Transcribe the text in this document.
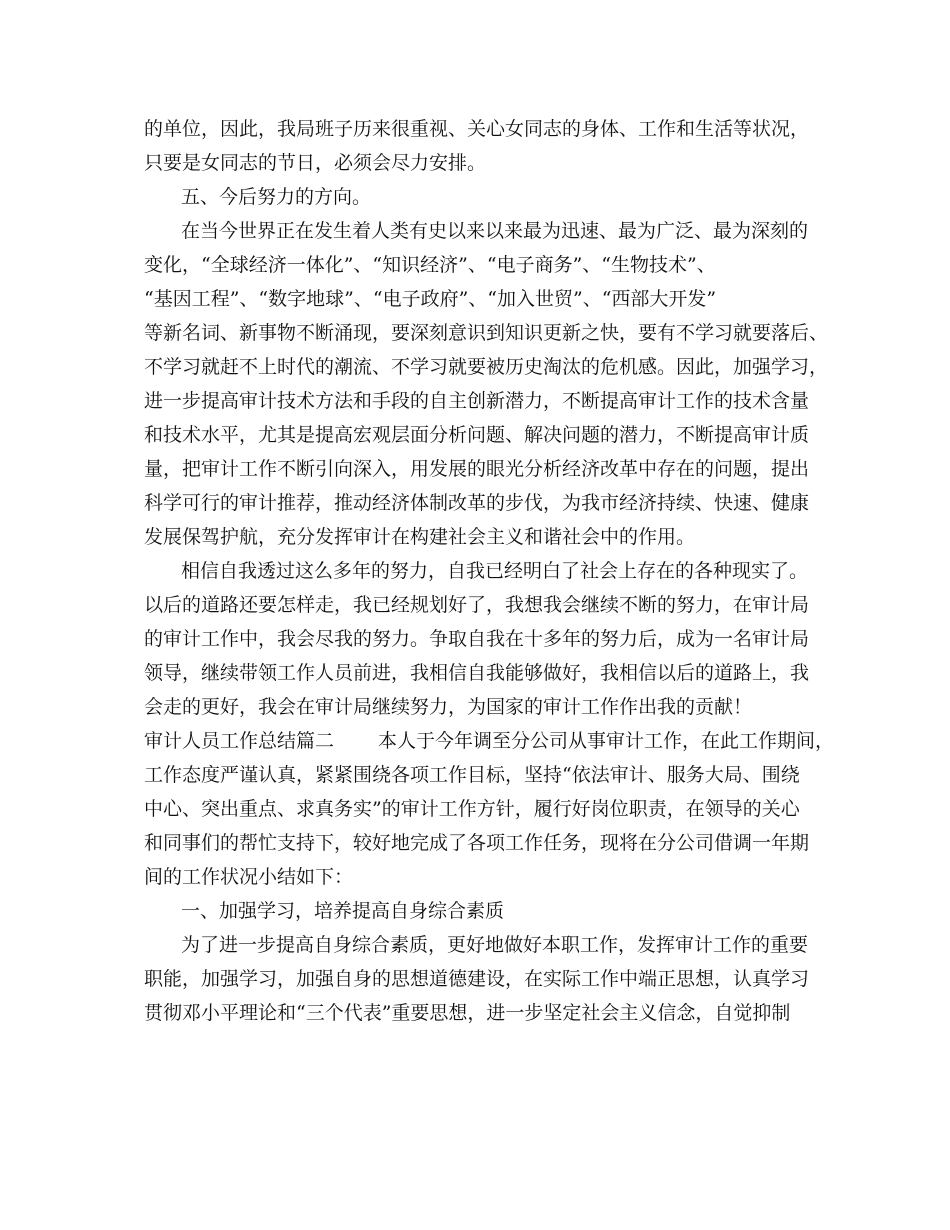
的单位，因此，我局班子历来很重视、关心女同志的身体、工作和生活等状况，
只要是女同志的节日，必须会尽力安排。
五、今后努力的方向。
在当今世界正在发生着人类有史以来以来最为迅速、最为广泛、最为深刻的
变化，“全球经济一体化”、“知识经济”、“电子商务”、“生物技术”、
“基因工程”、“数字地球”、“电子政府”、“加入世贸”、“西部大开发”
等新名词、新事物不断涌现，要深刻意识到知识更新之快，要有不学习就要落后、
不学习就赶不上时代的潮流、不学习就要被历史淘汰的危机感。因此，加强学习，
进一步提高审计技术方法和手段的自主创新潜力，不断提高审计工作的技术含量
和技术水平，尤其是提高宏观层面分析问题、解决问题的潜力，不断提高审计质
量，把审计工作不断引向深入，用发展的眼光分析经济改革中存在的问题，提出
科学可行的审计推荐，推动经济体制改革的步伐，为我市经济持续、快速、健康
发展保驾护航，充分发挥审计在构建社会主义和谐社会中的作用。
相信自我透过这么多年的努力，自我已经明白了社会上存在的各种现实了。
以后的道路还要怎样走，我已经规划好了，我想我会继续不断的努力，在审计局
的审计工作中，我会尽我的努力。争取自我在十多年的努力后，成为一名审计局
领导，继续带领工作人员前进，我相信自我能够做好，我相信以后的道路上，我
会走的更好，我会在审计局继续努力，为国家的审计工作作出我的贡献！
审计人员工作总结篇二 本人于今年调至分公司从事审计工作，在此工作期间，
工作态度严谨认真，紧紧围绕各项工作目标，坚持“依法审计、服务大局、围绕
中心、突出重点、求真务实”的审计工作方针，履行好岗位职责，在领导的关心
和同事们的帮忙支持下，较好地完成了各项工作任务，现将在分公司借调一年期
间的工作状况小结如下：
一、加强学习，培养提高自身综合素质
为了进一步提高自身综合素质，更好地做好本职工作，发挥审计工作的重要
职能，加强学习，加强自身的思想道德建设，在实际工作中端正思想，认真学习
贯彻邓小平理论和“三个代表”重要思想，进一步坚定社会主义信念，自觉抑制
